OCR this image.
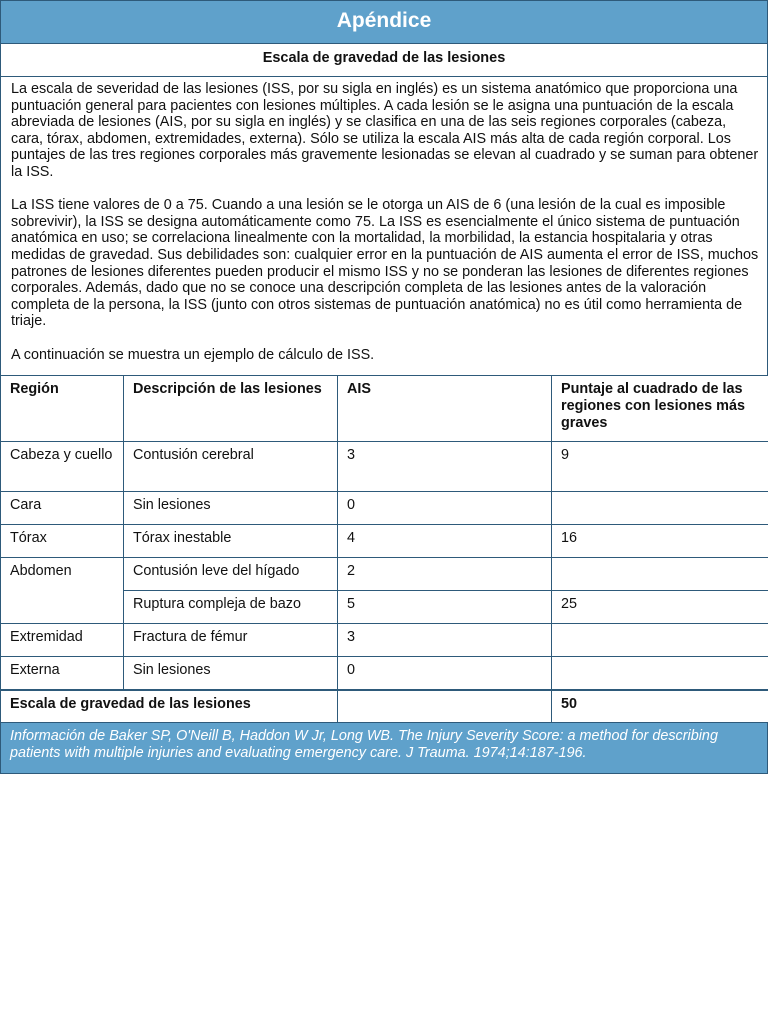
Apéndice
Escala de gravedad de las lesiones

La escala de severidad de las lesiones (ISS, por su sigla en inglés) es un sistema anatómico que proporciona una puntuación general para pacientes con lesiones múltiples. A cada lesión se le asigna una puntuación de la escala abreviada de lesiones (AIS, por su sigla en inglés) y se clasifica en una de las seis regiones corporales (cabeza, cara, tórax, abdomen, extremidades, externa). Sólo se utiliza la escala AIS más alta de cada región corporal. Los puntajes de las tres regiones corporales más gravemente lesionadas se elevan al cuadrado y se suman para obtener la ISS.

La ISS tiene valores de 0 a 75. Cuando a una lesión se le otorga un AIS de 6 (una lesión de la cual es imposible sobrevivir), la ISS se designa automáticamente como 75. La ISS es esencialmente el único sistema de puntuación anatómica en uso; se correlaciona linealmente con la mortalidad, la morbilidad, la estancia hospitalaria y otras medidas de gravedad. Sus debilidades son: cualquier error en la puntuación de AIS aumenta el error de ISS, muchos patrones de lesiones diferentes pueden producir el mismo ISS y no se ponderan las lesiones de diferentes regiones corporales. Además, dado que no se conoce una descripción completa de las lesiones antes de la valoración completa de la persona, la ISS (junto con otros sistemas de puntuación anatómica) no es útil como herramienta de triaje.

A continuación se muestra un ejemplo de cálculo de ISS.

Región	Descripción de las lesiones	AIS	Puntaje al cuadrado de las regiones con lesiones más graves
Cabeza y cuello	Contusión cerebral	3	9
Cara	Sin lesiones	0	
Tórax	Tórax inestable	4	16
Abdomen	Contusión leve del hígado	2	
	Ruptura compleja de bazo	5	25
Extremidad	Fractura de fémur	3	
Externa	Sin lesiones	0	
Escala de gravedad de las lesiones			50
Información de Baker SP, O'Neill B, Haddon W Jr, Long WB. The Injury Severity Score: a method for describing patients with multiple injuries and evaluating emergency care. J Trauma. 1974;14:187-196.
